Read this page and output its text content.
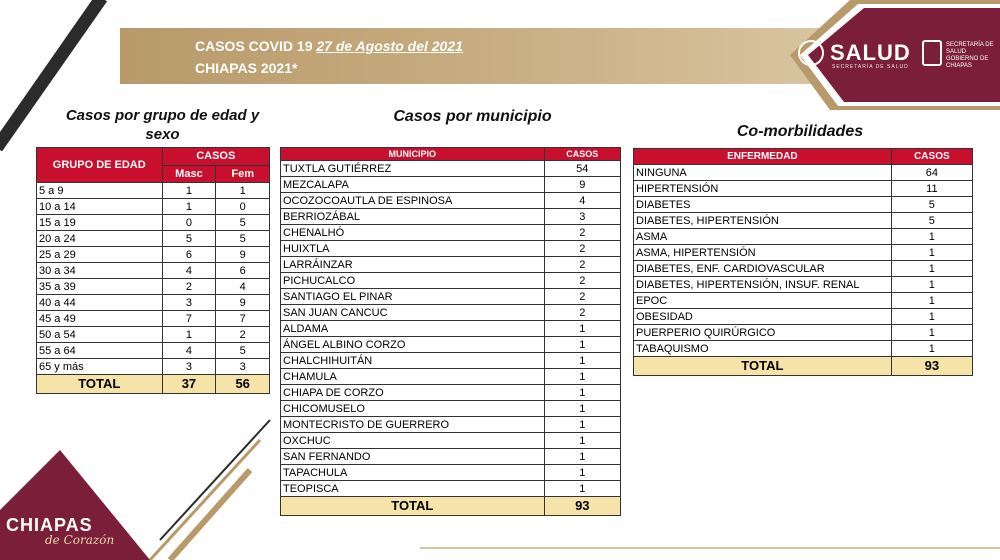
CASOS COVID 19 27 de Agosto del 2021
CHIAPAS 2021*
SALUD
SECRETARÍA DE SALUD
SECRETARÍA DE SALUD GOBIERNO DE CHIAPAS
Casos por grupo de edad y
sexo
GRUPO DE EDAD	CASOS	
	Masc	Fem
5 a 9	1	1
10 a 14	1	0
15 a 19	0	5
20 a 24	5	5
25 a 29	6	9
30 a 34	4	6
35 a 39	2	4
40 a 44	3	9
45 a 49	7	7
50 a 54	1	2
55 a 64	4	5
65 y más	3	3
TOTAL	37	56
Casos por municipio
MUNICIPIO	CASOS
TUXTLA GUTIÉRREZ	54
MEZCALAPA	9
OCOZOCOAUTLA DE ESPINOSA	4
BERRIOZÁBAL	3
CHENALHÓ	2
HUIXTLA	2
LARRÁINZAR	2
PICHUCALCO	2
SANTIAGO EL PINAR	2
SAN JUAN CANCUC	2
ALDAMA	1
ÁNGEL ALBINO CORZO	1
CHALCHIHUITÁN	1
CHAMULA	1
CHIAPA DE CORZO	1
CHICOMUSELO	1
MONTECRISTO DE GUERRERO	1
OXCHUC	1
SAN FERNANDO	1
TAPACHULA	1
TEOPISCA	1
TOTAL	93
Co-morbilidades
ENFERMEDAD	CASOS
NINGUNA	64
HIPERTENSIÓN	11
DIABETES	5
DIABETES, HIPERTENSIÓN	5
ASMA	1
ASMA, HIPERTENSIÓN	1
DIABETES, ENF. CARDIOVASCULAR	1
DIABETES, HIPERTENSIÓN, INSUF. RENAL	1
EPOC	1
OBESIDAD	1
PUERPERIO QUIRÚRGICO	1
TABAQUISMO	1
TOTAL	93
CHIAPAS
de Corazón
